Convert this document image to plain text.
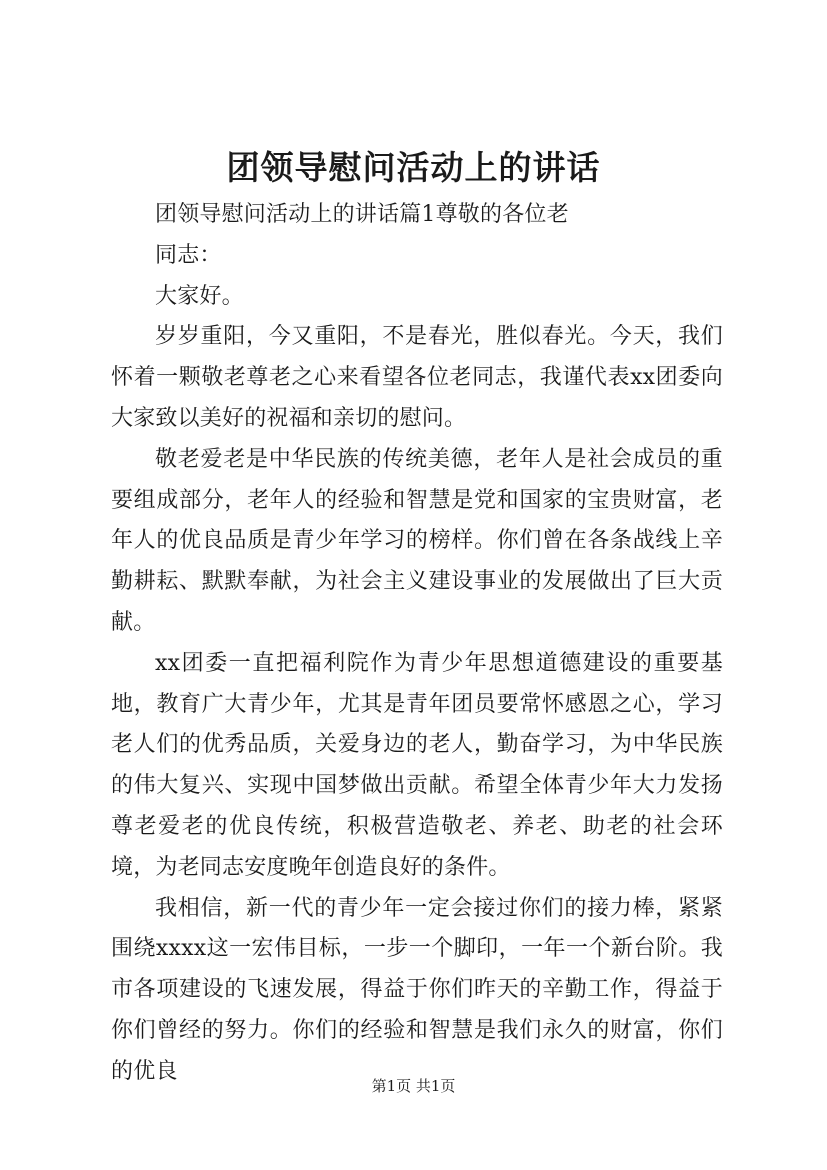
团领导慰问活动上的讲话

团领导慰问活动上的讲话篇1尊敬的各位老

同志：

大家好。

岁岁重阳，今又重阳，不是春光，胜似春光。今天，我们怀着一颗敬老尊老之心来看望各位老同志，我谨代表xx团委向大家致以美好的祝福和亲切的慰问。

敬老爱老是中华民族的传统美德，老年人是社会成员的重要组成部分，老年人的经验和智慧是党和国家的宝贵财富，老年人的优良品质是青少年学习的榜样。你们曾在各条战线上辛勤耕耘、默默奉献，为社会主义建设事业的发展做出了巨大贡献。

xx团委一直把福利院作为青少年思想道德建设的重要基地，教育广大青少年，尤其是青年团员要常怀感恩之心，学习老人们的优秀品质，关爱身边的老人，勤奋学习，为中华民族的伟大复兴、实现中国梦做出贡献。希望全体青少年大力发扬尊老爱老的优良传统，积极营造敬老、养老、助老的社会环境，为老同志安度晚年创造良好的条件。

我相信，新一代的青少年一定会接过你们的接力棒，紧紧围绕xxxx这一宏伟目标，一步一个脚印，一年一个新台阶。我市各项建设的飞速发展，得益于你们昨天的辛勤工作，得益于你们曾经的努力。你们的经验和智慧是我们永久的财富，你们的优良

第1页 共1页
